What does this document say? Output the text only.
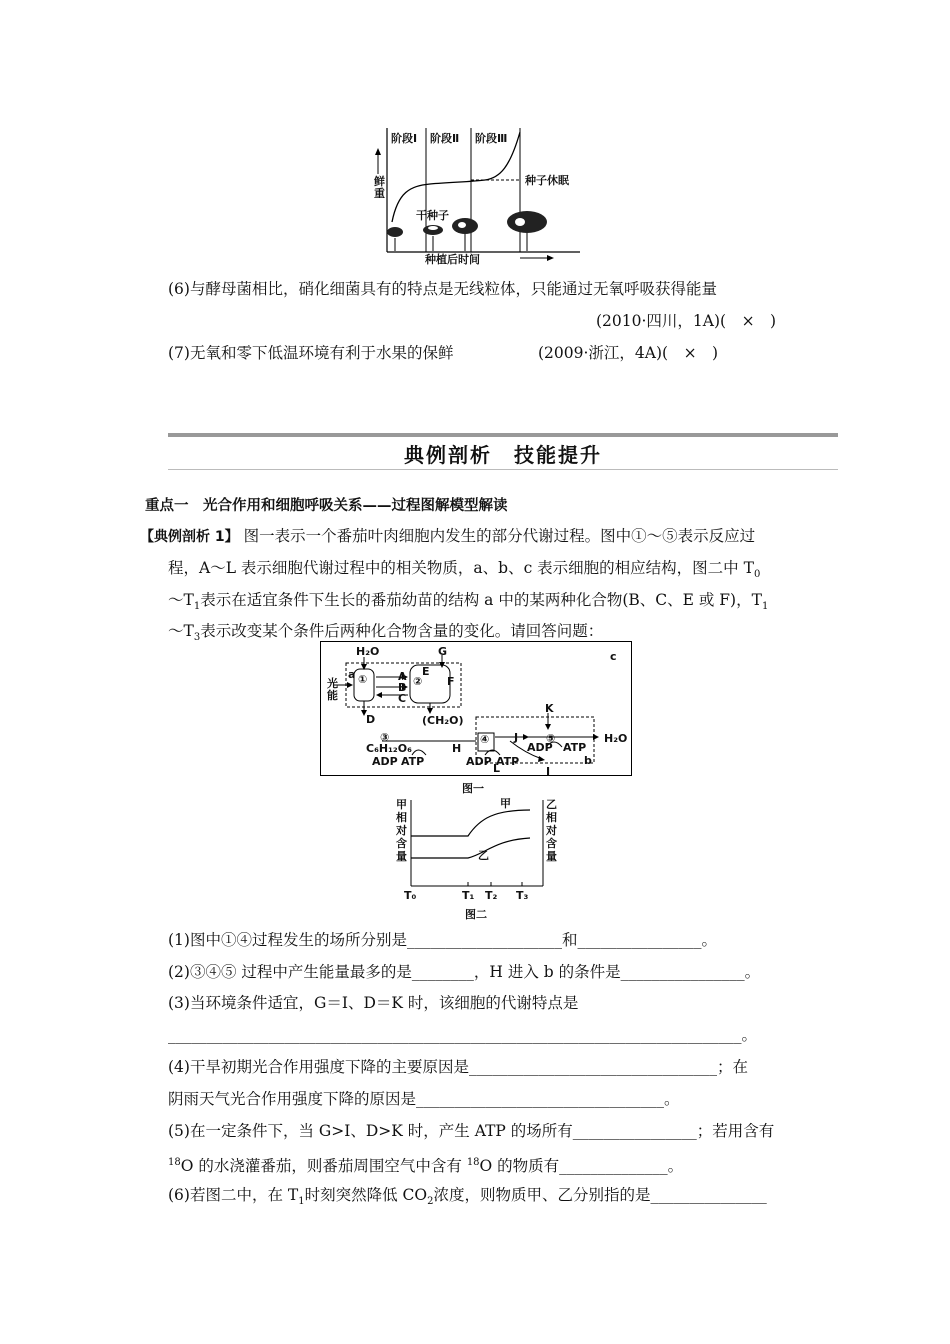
阶段Ⅰ 阶段Ⅱ 阶段Ⅲ
鲜重
干种子
种子休眠
种植后时间
(6)与酵母菌相比，硝化细菌具有的特点是无线粒体，只能通过无氧呼吸获得能量
(2010·四川，1A)(　×　)
(7)无氧和零下低温环境有利于水果的保鲜	(2009·浙江，4A)(　×　)
典例剖析　技能提升
重点一　光合作用和细胞呼吸关系——过程图解模型解读
【典例剖析 1】 图一表示一个番茄叶肉细胞内发生的部分代谢过程。图中①～⑤表示反应过
程，A～L 表示细胞代谢过程中的相关物质，a、b、c 表示细胞的相应结构，图二中 $T_0$
$\sim T_1$表示在适宜条件下生长的番茄幼苗的结构 a 中的某两种化合物(B、C、E 或 F)，$T_1$
$\sim T_3$表示改变某个条件后两种化合物含量的变化。请回答问题：
光能
H₂O	G
E
F
A
B
C
D
a ①	②
(CH₂O)
③
C₆H₁₂O₆
ADP ATP
H
④
ADP ATP
L
J
K
⑤
ADP ATP
I
b
H₂O
c
图一
甲相对含量
乙相对含量
甲
乙
T₀	T₁ T₂ T₃
图二
(1)图中①④过程发生的场所分别是____________________和________________。
(2)③④⑤ 过程中产生能量最多的是________，H 进入 b 的条件是________________。
(3)当环境条件适宜，G＝I、D＝K 时，该细胞的代谢特点是
__________________________________________________________________________。
(4)干旱初期光合作用强度下降的主要原因是________________________________；在
阴雨天气光合作用强度下降的原因是________________________________。
(5)在一定条件下，当 G>I、D>K 时，产生 ATP 的场所有________________；若用含有
$^{18}$O 的水浇灌番茄，则番茄周围空气中含有 $^{18}$O 的物质有______________。
(6)若图二中，在 $T_1$时刻突然降低 $CO_2$浓度，则物质甲、乙分别指的是_______________
